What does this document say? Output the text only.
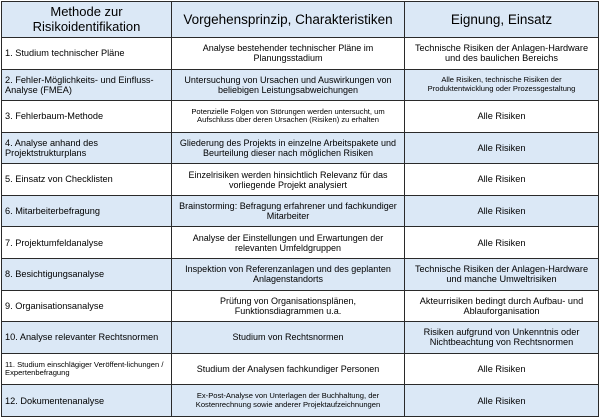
Methode zur Risikoidentifikation	Vorgehensprinzip, Charakteristiken	Eignung, Einsatz
1. Studium technischer Pläne	Analyse bestehender technischer Pläne im Planungsstadium	Technische Risiken der Anlagen-Hardware und des baulichen Bereichs
2. Fehler-Möglichkeits- und Einfluss-Analyse (FMEA)	Untersuchung von Ursachen und Auswirkungen von beliebigen Leistungsabweichungen	Alle Risiken, technische Risiken der Produktentwicklung oder Prozessgestaltung
3. Fehlerbaum-Methode	Potenzielle Folgen von Störungen werden untersucht, um Aufschluss über deren Ursachen (Risiken) zu erhalten	Alle Risiken
4. Analyse anhand des Projektstrukturplans	Gliederung des Projekts in einzelne Arbeitspakete und Beurteilung dieser nach möglichen Risiken	Alle Risiken
5. Einsatz von Checklisten	Einzelrisiken werden hinsichtlich Relevanz für das vorliegende Projekt analysiert	Alle Risiken
6. Mitarbeiterbefragung	Brainstorming: Befragung erfahrener und fachkundiger Mitarbeiter	Alle Risiken
7. Projektumfeldanalyse	Analyse der Einstellungen und Erwartungen der relevanten Umfeldgruppen	Alle Risiken
8. Besichtigungsanalyse	Inspektion von Referenzanlagen und des geplanten Anlagenstandorts	Technische Risiken der Anlagen-Hardware und manche Umweltrisiken
9. Organisationsanalyse	Prüfung von Organisationsplänen, Funktionsdiagrammen u.a.	Akteurrisiken bedingt durch Aufbau- und Ablauforganisation
10. Analyse relevanter Rechtsnormen	Studium von Rechtsnormen	Risiken aufgrund von Unkenntnis oder Nichtbeachtung von Rechtsnormen
11. Studium einschlägiger Veröffent-lichungen / Expertenbefragung	Studium der Analysen fachkundiger Personen	Alle Risiken
12. Dokumentenanalyse	Ex-Post-Analyse von Unterlagen der Buchhaltung, der Kostenrechnung sowie anderer Projektaufzeichnungen	Alle Risiken
